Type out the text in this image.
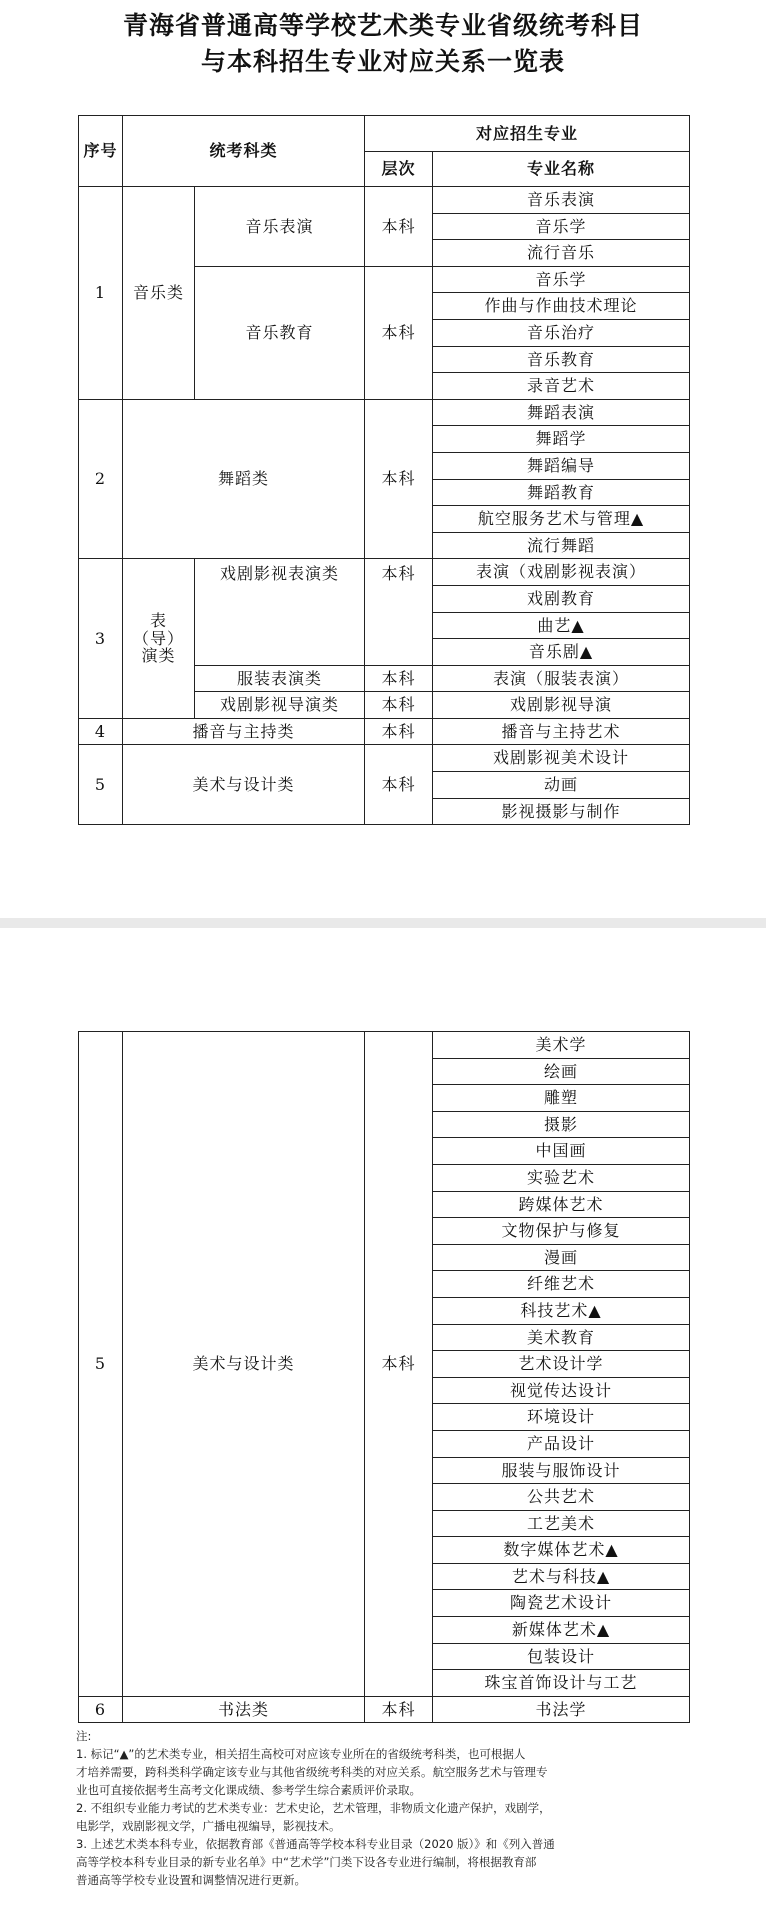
青海省普通高等学校艺术类专业省级统考科目
与本科招生专业对应关系一览表
序号	统考科类		对应招生专业	
			层次	专业名称
1	音乐类	音乐表演	本科	音乐表演
				音乐学
				流行音乐
		音乐教育	本科	音乐学
				作曲与作曲技术理论
				音乐治疗
				音乐教育
				录音艺术
2	舞蹈类		本科	舞蹈表演
				舞蹈学
				舞蹈编导
				舞蹈教育
				航空服务艺术与管理▲
				流行舞蹈
3	表（导）演类	戏剧影视表演类	本科	表演（戏剧影视表演）
				戏剧教育
				曲艺▲
				音乐剧▲
		服装表演类	本科	表演（服装表演）
		戏剧影视导演类	本科	戏剧影视导演
4	播音与主持类		本科	播音与主持艺术
5	美术与设计类		本科	戏剧影视美术设计
				动画
				影视摄影与制作
5	美术与设计类	本科	美术学
			绘画
			雕塑
			摄影
			中国画
			实验艺术
			跨媒体艺术
			文物保护与修复
			漫画
			纤维艺术
			科技艺术▲
			美术教育
			艺术设计学
			视觉传达设计
			环境设计
			产品设计
			服装与服饰设计
			公共艺术
			工艺美术
			数字媒体艺术▲
			艺术与科技▲
			陶瓷艺术设计
			新媒体艺术▲
			包装设计
			珠宝首饰设计与工艺
6	书法类	本科	书法学

注:

1. 标记“▲”的艺术类专业，相关招生高校可对应该专业所在的省级统考科类，也可根据人

才培养需要，跨科类科学确定该专业与其他省级统考科类的对应关系。航空服务艺术与管理专

业也可直接依据考生高考文化课成绩、参考学生综合素质评价录取。

2. 不组织专业能力考试的艺术类专业：艺术史论，艺术管理，非物质文化遗产保护，戏剧学，

电影学，戏剧影视文学，广播电视编导，影视技术。

3. 上述艺术类本科专业，依据教育部《普通高等学校本科专业目录（2020 版）》和《列入普通

高等学校本科专业目录的新专业名单》中“艺术学”门类下设各专业进行编制，将根据教育部

普通高等学校专业设置和调整情况进行更新。
